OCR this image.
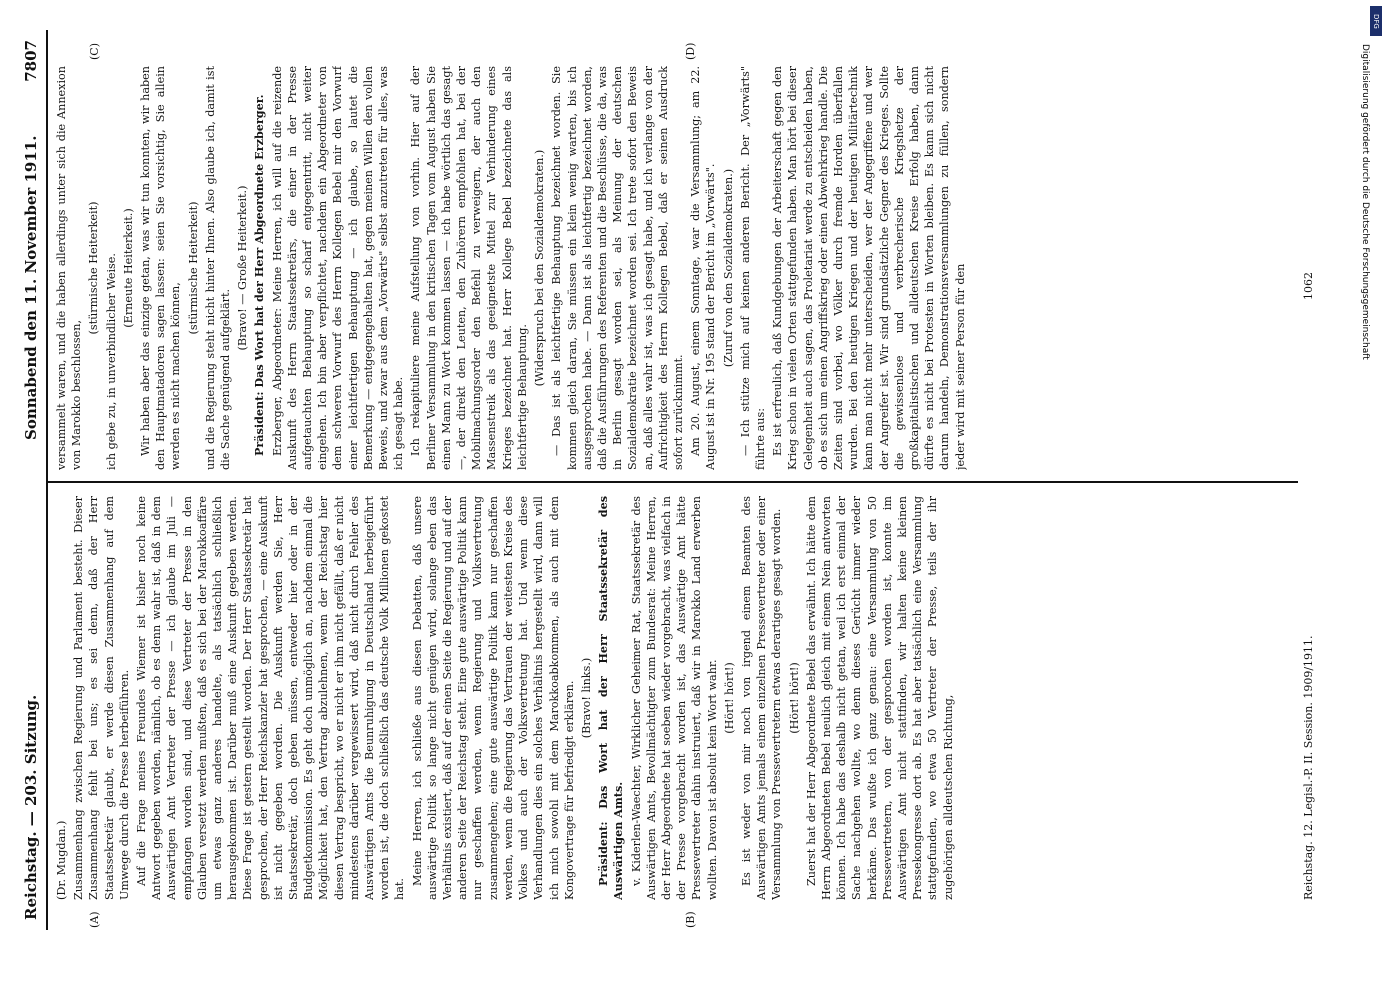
Reichstag. — 203. Sitzung.
Sonnabend den 11. November 1911.
7807
(A)	(B)
(C)	(D)

(Dr. Mugdan.) Zusammenhang zwischen Regierung und Parlament besteht. Dieser Zusammenhang fehlt bei uns; es sei denn, daß der Herr Staatssekretär glaubt, er werde diesen Zusammenhang auf dem Umwege durch die Presse herbeiführen. Auf die Frage meines Freundes Wiemer ist bisher noch keine Antwort gegeben worden, nämlich, ob es denn wahr ist, daß in dem Auswärtigen Amt Vertreter der Presse — ich glaube im Juli — empfangen worden sind, und diese Vertreter der Presse in den Glauben versetzt werden mußten, daß es sich bei der Marokkoaffäre um etwas ganz anderes handelte, als tatsächlich schließlich herausgekommen ist. Darüber muß eine Auskunft gegeben werden. Diese Frage ist gestern gestellt worden. Der Herr Staatssekretär hat gesprochen, der Herr Reichskanzler hat gesprochen, — eine Auskunft ist nicht gegeben worden. Die Auskunft werden Sie, Herr Staatssekretär, doch geben müssen, entweder hier oder in der Budgetkommission. Es geht doch unmöglich an, nachdem einmal die Möglichkeit hat, den Vertrag abzulehnen, wenn der Reichstag hier diesen Vertrag bespricht, wo er nicht er ihm nicht gefällt, daß er nicht mindestens darüber vergewissert wird, daß nicht durch Fehler des Auswärtigen Amts die Beunruhigung in Deutschland herbeigeführt worden ist, die doch schließlich das deutsche Volk Millionen gekostet hat.

Meine Herren, ich schließe aus diesen Debatten, daß unsere auswärtige Politik so lange nicht genügen wird, solange eben das Verhältnis existiert, daß auf der einen Seite die Regierung und auf der anderen Seite der Reichstag steht. Eine gute auswärtige Politik kann nur geschaffen werden, wenn Regierung und Volksvertretung zusammengehen; eine gute auswärtige Politik kann nur geschaffen werden, wenn die Regierung das Vertrauen der weitesten Kreise des Volkes und auch der Volksvertretung hat. Und wenn diese Verhandlungen dies ein solches Verhältnis hergestellt wird, dann will ich mich sowohl mit dem Marokkoabkommen, als auch mit dem Kongovertrage für befriedigt erklären. (Bravo! links.) Präsident: Das Wort hat der Herr Staatssekretär des Auswärtigen Amts. v. Kiderlen-Waechter, Wirklicher Geheimer Rat, Staatssekretär des Auswärtigen Amts, Bevollmächtigter zum Bundesrat: Meine Herren, der Herr Abgeordnete hat soeben wieder vorgebracht, was vielfach in der Presse vorgebracht worden ist, das Auswärtige Amt hätte Pressevertreter dahin instruiert, daß wir in Marokko Land erwerben wollten. Davon ist absolut kein Wort wahr. (Hört! hört!) Es ist weder von mir noch von irgend einem Beamten des Auswärtigen Amts jemals einem einzelnen Pressevertreter oder einer Versammlung von Pressevertretern etwas derartiges gesagt worden. (Hört! hört!) Zuerst hat der Herr Abgeordnete Bebel das erwähnt. Ich hätte dem Herrn Abgeordneten Bebel neulich gleich mit einem Nein antworten können. Ich habe das deshalb nicht getan, weil ich erst einmal der Sache nachgehen wollte, wo denn dieses Gerücht immer wieder herkäme. Das wußte ich ganz genau: eine Versammlung von 50 Pressevertretern, von der gesprochen worden ist, konnte im Auswärtigen Amt nicht stattfinden, wir halten keine kleinen Pressekongresse dort ab. Es hat aber tatsächlich eine Versammlung stattgefunden, wo etwa 50 Vertreter der Presse, teils der ihr zugehörigen alldeutschen Richtung,

versammelt waren, und die haben allerdings unter sich die Annexion von Marokko beschlossen,

(stürmische Heiterkeit) ich gebe zu, in unverbindlicher Weise. (Erneute Heiterkeit.) Wir haben aber das einzige getan, was wir tun konnten, wir haben den Hauptmatadoren sagen lassen: seien Sie vorsichtig, Sie allein werden es nicht machen können,

(stürmische Heiterkeit) und die Regierung steht nicht hinter Ihnen. Also glaube ich, damit ist die Sache genügend aufgeklärt.

(Bravo! — Große Heiterkeit.) Präsident: Das Wort hat der Herr Abgeordnete Erzberger. Erzberger, Abgeordneter: Meine Herren, ich will auf die reizende Auskunft des Herrn Staatssekretärs, die einer in der Presse aufgetauchten Behauptung so scharf entgegentritt, nicht weiter eingehen. Ich bin aber verpflichtet, nachdem ein Abgeordneter von dem schweren Vorwurf des Herrn Kollegen Bebel mir den Vorwurf einer leichtfertigen Behauptung — ich glaube, so lautet die Bemerkung — entgegengehalten hat, gegen meinen Willen den vollen Beweis, und zwar aus dem „Vorwärts" selbst anzutreten für alles, was ich gesagt habe. Ich rekapituliere meine Aufstellung von vorhin. Hier auf der Berliner Versammlung in den kritischen Tagen vom August haben Sie einen Mann zu Wort kommen lassen — ich habe wörtlich das gesagt —, der direkt den Leuten, den Zuhörern empfohlen hat, bei der Mobilmachungsorder den Befehl zu verweigern, der auch den Massenstreik als das geeignetste Mittel zur Verhinderung eines Krieges bezeichnet hat. Herr Kollege Bebel bezeichnete das als leichtfertige Behauptung.

(Widerspruch bei den Sozialdemokraten.) — Das ist als leichtfertige Behauptung bezeichnet worden. Sie kommen gleich daran, Sie müssen ein klein wenig warten, bis ich ausgesprochen habe. — Dann ist als leichtfertig bezeichnet worden, daß die Ausführungen des Referenten und die Beschlüsse, die da, was in Berlin gesagt worden sei, als Meinung der deutschen Sozialdemokratie bezeichnet worden sei. Ich trete sofort den Beweis an, daß alles wahr ist, was ich gesagt habe, und ich verlange von der Aufrichtigkeit des Herrn Kollegen Bebel, daß er seinen Ausdruck sofort zurücknimmt. Am 20. August, einem Sonntage, war die Versammlung; am 22. August ist in Nr. 195 stand der Bericht im „Vorwärts". (Zuruf von den Sozialdemokraten.) — Ich stütze mich auf keinen anderen Bericht. Der „Vorwärts" führte aus: Es ist erfreulich, daß Kundgebungen der Arbeiterschaft gegen den Krieg schon in vielen Orten stattgefunden haben. Man hört bei dieser Gelegenheit auch sagen, das Proletariat werde zu entscheiden haben, ob es sich um einen Angriffskrieg oder einen Abwehrkrieg handle. Die Zeiten sind vorbei, wo Völker durch fremde Horden überfallen wurden. Bei den heutigen Kriegen und der heutigen Militärtechnik kann man nicht mehr unterscheiden, wer der Angegriffene und wer der Angreifer ist. Wir sind grundsätzliche Gegner des Krieges. Sollte die gewissenlose und verbrecherische Kriegshetze der großkapitalistischen und alldeutschen Kreise Erfolg haben, dann dürfte es nicht bei Protesten in Worten bleiben. Es kann sich nicht darum handeln, Demonstrationsversammlungen zu füllen, sondern jeder wird mit seiner Person für den

Reichstag. 12. Legisl.-P. II. Session. 1909/1911.
1062
DFG
Digitalisierung gefördert durch die Deutsche Forschungsgemeinschaft
